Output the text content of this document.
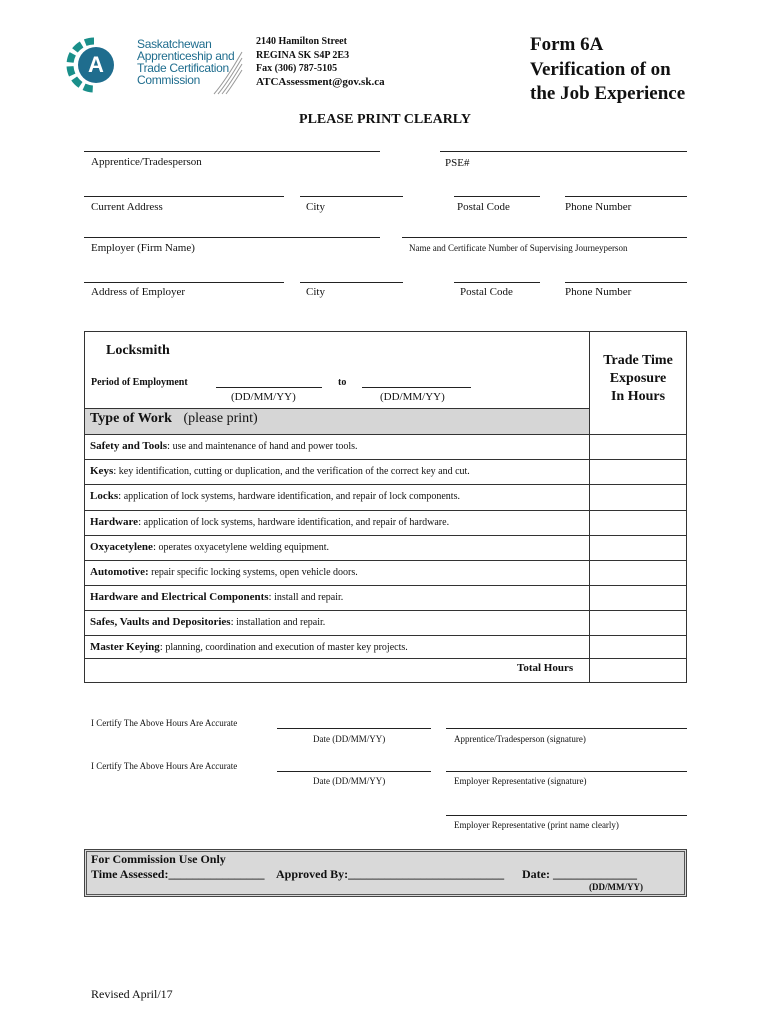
A
Saskatchewan
Apprenticeship and
Trade Certification
Commission
2140 Hamilton Street
REGINA SK S4P 2E3
Fax (306) 787-5105
ATCAssessment@gov.sk.ca
Form 6A
Verification of on
the Job Experience
PLEASE PRINT CLEARLY
Apprentice/Tradesperson	PSE#
Current Address	City	Postal Code	Phone Number
Employer (Firm Name)	Name and Certificate Number of Supervising Journeyperson
Address of Employer	City	Postal Code	Phone Number
Locksmith
Period of Employment	to
(DD/MM/YY)	(DD/MM/YY)
Trade Time
Exposure
In Hours
Type of Work (please print)
Safety and Tools: use and maintenance of hand and power tools.
Keys: key identification, cutting or duplication, and the verification of the correct key and cut.
Locks: application of lock systems, hardware identification, and repair of lock components.
Hardware: application of lock systems, hardware identification, and repair of hardware.
Oxyacetylene: operates oxyacetylene welding equipment.
Automotive: repair specific locking systems, open vehicle doors.
Hardware and Electrical Components: install and repair.
Safes, Vaults and Depositories: installation and repair.
Master Keying: planning, coordination and execution of master key projects.
Total Hours
I Certify The Above Hours Are Accurate
Date (DD/MM/YY)	Apprentice/Tradesperson (signature)
I Certify The Above Hours Are Accurate
Date (DD/MM/YY)	Employer Representative (signature)
Employer Representative (print name clearly)
For Commission Use Only
Time Assessed:________________ Approved By:__________________________ Date: ______________
(DD/MM/YY)
Revised April/17
